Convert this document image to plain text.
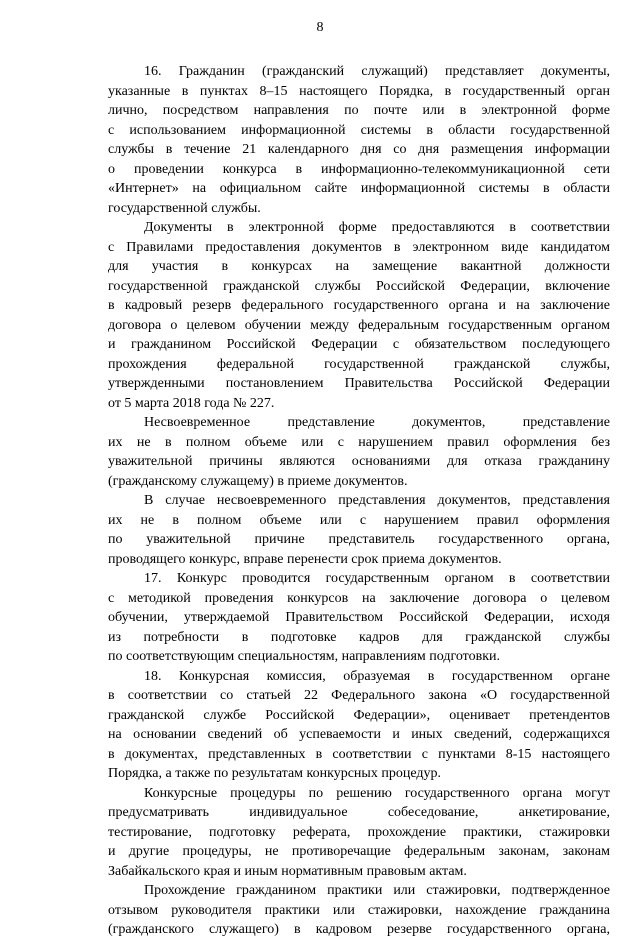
8
16. Гражданин (гражданский служащий) представляет документы,
указанные в пунктах 8–15 настоящего Порядка, в государственный орган
лично, посредством направления по почте или в электронной форме
с использованием информационной системы в области государственной
службы в течение 21 календарного дня со дня размещения информации
о проведении конкурса в информационно-телекоммуникационной сети
«Интернет» на официальном сайте информационной системы в области
государственной службы.
Документы в электронной форме предоставляются в соответствии
с Правилами предоставления документов в электронном виде кандидатом
для участия в конкурсах на замещение вакантной должности
государственной гражданской службы Российской Федерации, включение
в кадровый резерв федерального государственного органа и на заключение
договора о целевом обучении между федеральным государственным органом
и гражданином Российской Федерации с обязательством последующего
прохождения федеральной государственной гражданской службы,
утвержденными постановлением Правительства Российской Федерации
от 5 марта 2018 года № 227.
Несвоевременное представление документов, представление
их не в полном объеме или с нарушением правил оформления без
уважительной причины являются основаниями для отказа гражданину
(гражданскому служащему) в приеме документов.
В случае несвоевременного представления документов, представления
их не в полном объеме или с нарушением правил оформления
по уважительной причине представитель государственного органа,
проводящего конкурс, вправе перенести срок приема документов.
17. Конкурс проводится государственным органом в соответствии
с методикой проведения конкурсов на заключение договора о целевом
обучении, утверждаемой Правительством Российской Федерации, исходя
из потребности в подготовке кадров для гражданской службы
по соответствующим специальностям, направлениям подготовки.
18. Конкурсная комиссия, образуемая в государственном органе
в соответствии со статьей 22 Федерального закона «О государственной
гражданской службе Российской Федерации», оценивает претендентов
на основании сведений об успеваемости и иных сведений, содержащихся
в документах, представленных в соответствии с пунктами 8-15 настоящего
Порядка, а также по результатам конкурсных процедур.
Конкурсные процедуры по решению государственного органа могут
предусматривать индивидуальное собеседование, анкетирование,
тестирование, подготовку реферата, прохождение практики, стажировки
и другие процедуры, не противоречащие федеральным законам, законам
Забайкальского края и иным нормативным правовым актам.
Прохождение гражданином практики или стажировки, подтвержденное
отзывом руководителя практики или стажировки, нахождение гражданина
(гражданского служащего) в кадровом резерве государственного органа,
